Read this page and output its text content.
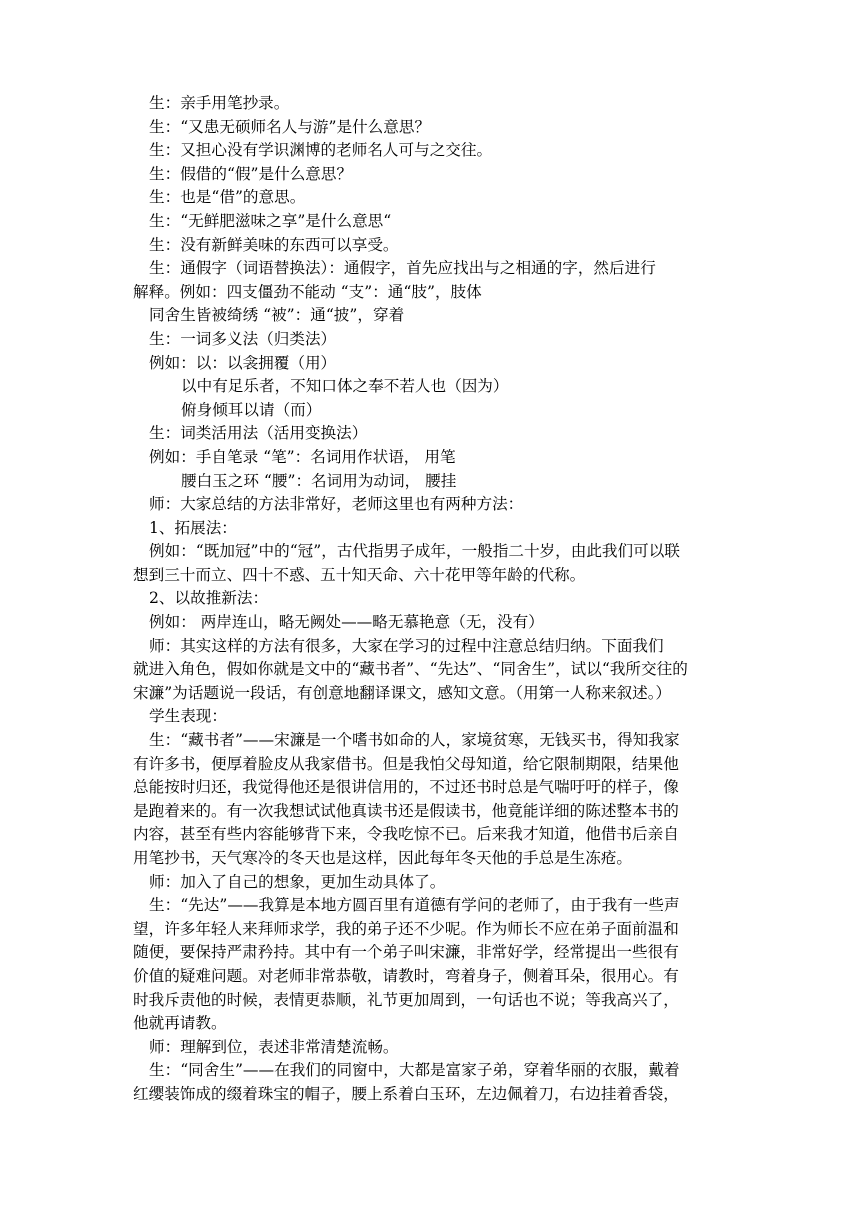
生：亲手用笔抄录。
生：“又患无硕师名人与游”是什么意思？
生：又担心没有学识渊博的老师名人可与之交往。
生：假借的“假”是什么意思？
生：也是“借”的意思。
生：“无鲜肥滋味之享”是什么意思“
生：没有新鲜美味的东西可以享受。
生：通假字（词语替换法）：通假字，首先应找出与之相通的字，然后进行
解释。例如：四支僵劲不能动 “支”：通“肢”，肢体
同舍生皆被绮绣 “被”：通“披”，穿着
生：一词多义法（归类法）
例如：以：以衾拥覆（用）
以中有足乐者，不知口体之奉不若人也（因为）
俯身倾耳以请（而）
生：词类活用法（活用变换法）
例如：手自笔录 “笔”：名词用作状语， 用笔
腰白玉之环 “腰”：名词用为动词， 腰挂
师：大家总结的方法非常好，老师这里也有两种方法：
1、拓展法：
例如：“既加冠”中的“冠”，古代指男子成年，一般指二十岁，由此我们可以联
想到三十而立、四十不惑、五十知天命、六十花甲等年龄的代称。
2、以故推新法：
例如： 两岸连山，略无阙处——略无慕艳意（无，没有）
师：其实这样的方法有很多，大家在学习的过程中注意总结归纳。下面我们
就进入角色，假如你就是文中的“藏书者”、“先达”、“同舍生”，试以“我所交往的
宋濂”为话题说一段话，有创意地翻译课文，感知文意。（用第一人称来叙述。）
学生表现：
生：“藏书者”——宋濂是一个嗜书如命的人，家境贫寒，无钱买书，得知我家
有许多书，便厚着脸皮从我家借书。但是我怕父母知道，给它限制期限，结果他
总能按时归还，我觉得他还是很讲信用的，不过还书时总是气喘吁吁的样子，像
是跑着来的。有一次我想试试他真读书还是假读书，他竟能详细的陈述整本书的
内容，甚至有些内容能够背下来，令我吃惊不已。后来我才知道，他借书后亲自
用笔抄书，天气寒冷的冬天也是这样，因此每年冬天他的手总是生冻疮。
师：加入了自己的想象，更加生动具体了。
生：“先达”——我算是本地方圆百里有道德有学问的老师了，由于我有一些声
望，许多年轻人来拜师求学，我的弟子还不少呢。作为师长不应在弟子面前温和
随便，要保持严肃矜持。其中有一个弟子叫宋濂，非常好学，经常提出一些很有
价值的疑难问题。对老师非常恭敬，请教时，弯着身子，侧着耳朵，很用心。有
时我斥责他的时候，表情更恭顺，礼节更加周到，一句话也不说；等我高兴了，
他就再请教。
师：理解到位，表述非常清楚流畅。
生：“同舍生”——在我们的同窗中，大都是富家子弟，穿着华丽的衣服，戴着
红缨装饰成的缀着珠宝的帽子，腰上系着白玉环，左边佩着刀，右边挂着香袋，
